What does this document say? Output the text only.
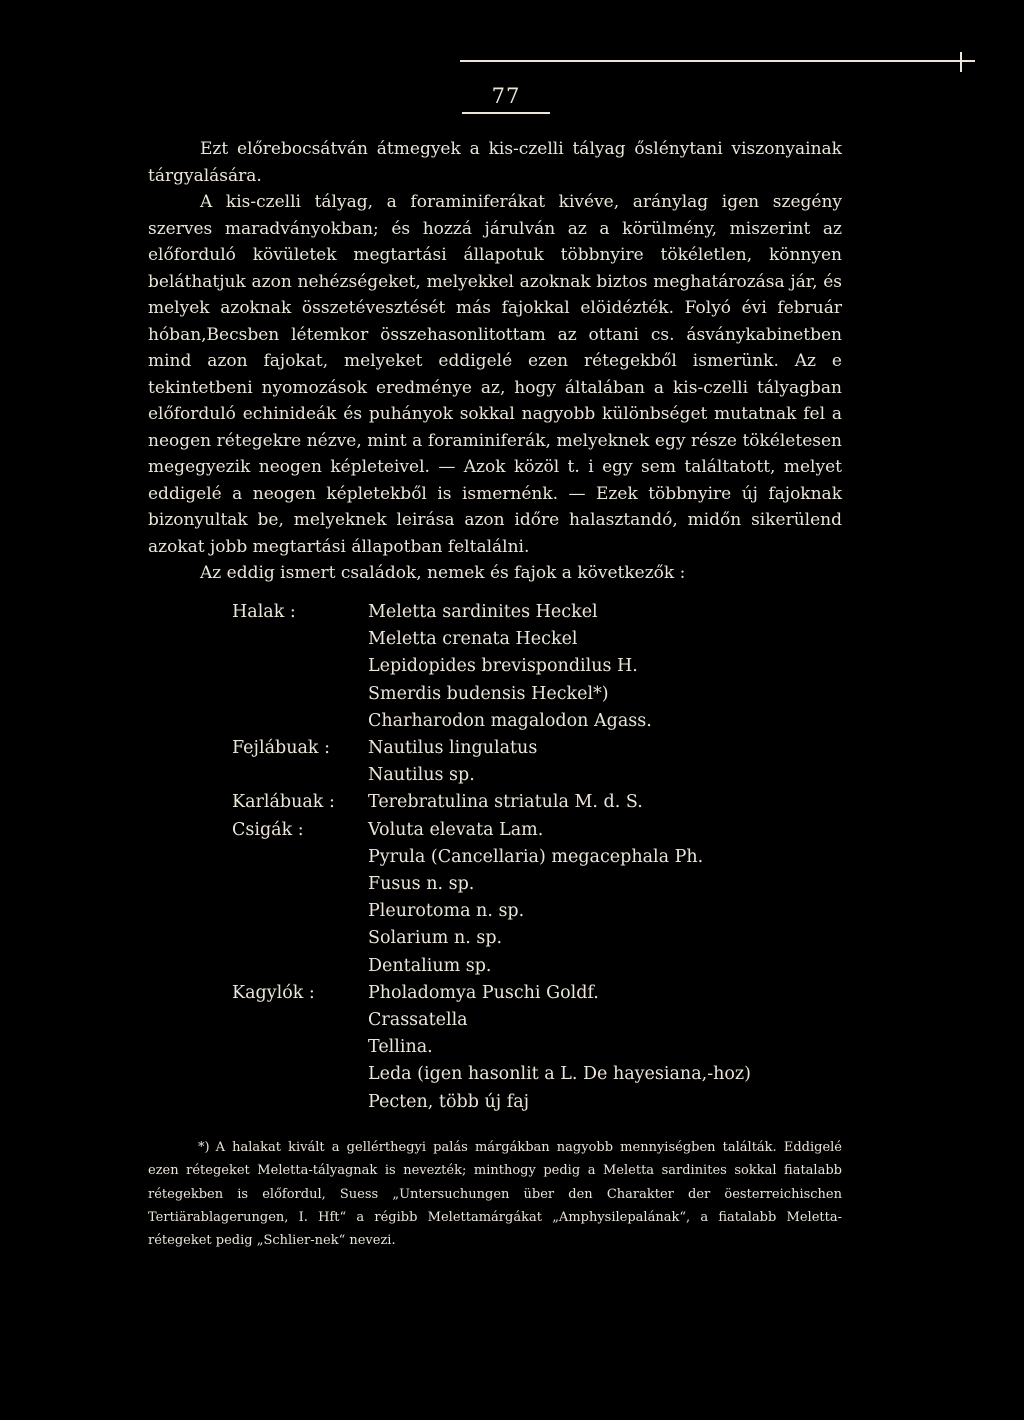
77

Ezt előrebocsátván átmegyek a kis-czelli tályag őslénytani viszonyainak tárgyalására.

A kis-czelli tályag, a foraminiferákat kivéve, aránylag igen szegény szerves maradványokban; és hozzá járulván az a körülmény, miszerint az előforduló kövületek megtartási állapotuk többnyire tökéletlen, könnyen beláthatjuk azon nehézségeket, melyekkel azoknak biztos meghatározása jár, és melyek azoknak összetévesztését más fajokkal elöidézték. Folyó évi február hóban,Becsben létemkor összehasonlitottam az ottani cs. ásványkabinetben mind azon fajokat, melyeket eddigelé ezen rétegekből ismerünk. Az e tekintetbeni nyomozások eredménye az, hogy általában a kis-czelli tályagban előforduló echinideák és puhányok sokkal nagyobb különbséget mutatnak fel a neogen rétegekre nézve, mint a foraminiferák, melyeknek egy része tökéletesen megegyezik neogen képleteivel. — Azok közöl t. i egy sem találtatott, melyet eddigelé a neogen képletekből is ismernénk. — Ezek többnyire új fajoknak bizonyultak be, melyeknek leirása azon időre halasztandó, midőn sikerülend azokat jobb megtartási állapotban feltalálni.

Az eddig ismert családok, nemek és fajok a következők :

Halak :	Meletta sardinites Heckel
Meletta crenata Heckel
Lepidopides brevispondilus H.
Smerdis budensis Heckel*)
Charharodon magalodon Agass.
Fejlábuak :	Nautilus lingulatus
Nautilus sp.
Karlábuak :	Terebratulina striatula M. d. S.
Csigák :	Voluta elevata Lam.
Pyrula (Cancellaria) megacephala Ph.
Fusus n. sp.
Pleurotoma n. sp.
Solarium n. sp.
Dentalium sp.
Kagylók :	Pholadomya Puschi Goldf.
Crassatella
Tellina.
Leda (igen hasonlit a L. De hayesiana,-hoz)
Pecten, több új faj

*) A halakat kivált a gellérthegyi palás márgákban nagyobb mennyiségben találták. Eddigelé ezen rétegeket Meletta-tályagnak is nevezték; minthogy pedig a Meletta sardinites sokkal fiatalabb rétegekben is előfordul, Suess „Untersuchungen über den Charakter der öesterreichischen Tertiärablagerungen, I. Hft“ a régibb Melettamárgákat „Amphysilepalának“, a fiatalabb Meletta-rétegeket pedig „Schlier-nek“ nevezi.
